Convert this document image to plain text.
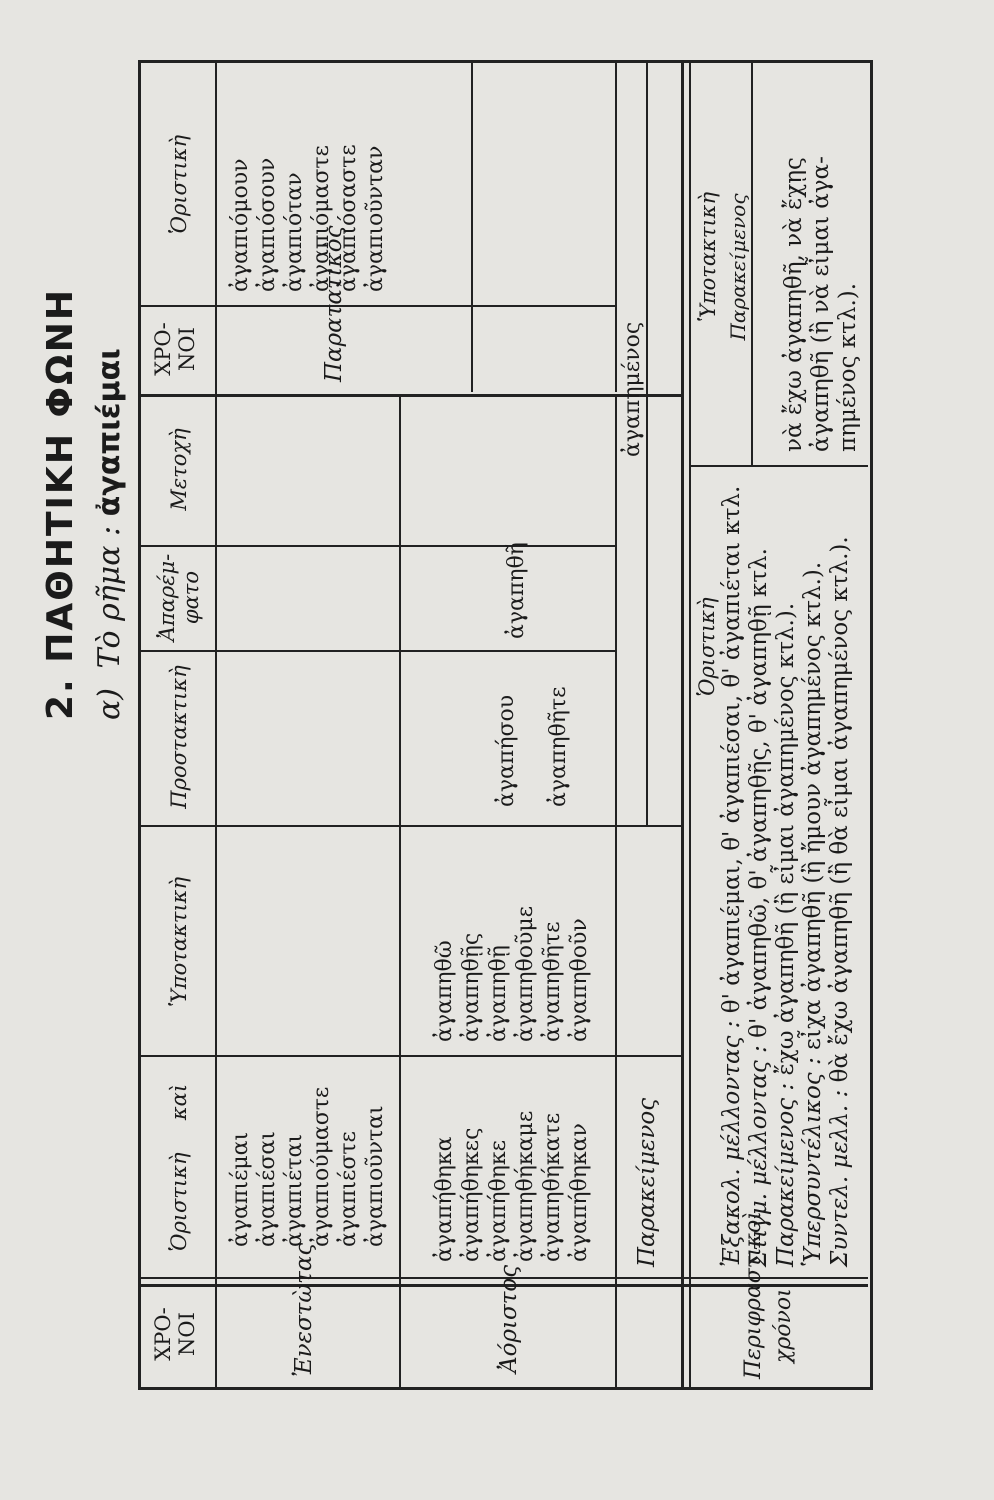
2. ΠΑΘΗΤΙΚΗ ΦΩΝΗ α) Τὸ ρῆμα : ἀγαπιέμαι
ΧΡΟ-
ΝΟΙ
Ὁριστικὴ
καὶ
Ὑποτακτικὴ
Προστακτικὴ
Ἀπαρέμ-
φατο
Μετοχὴ
ΧΡΟ-
ΝΟΙ
Ὁριστικὴ
Ἐνεστὼτας	Ἀόριστος
Παρακείμενος
Παρατατικὸς
ἀγαπιέμαι ἀγαπιέσαι ἀγαπιέται ἀγαπιούμαστε ἀγαπιέστε ἀγαπιοῦνται ἀγαπήθηκα ἀγαπήθηκες ἀγαπήθηκε ἀγαπηθήκαμε ἀγαπηθήκατε ἀγαπήθηκαν
ἀγαπηθῶ ἀγαπηθῇς ἀγαπηθῇ ἀγαπηθοῦμε ἀγαπηθῆτε ἀγαπηθοῦν
ἀγαπήσου	ἀγαπηθῆτε
ἀγαπηθῆ
ἀγαπιόμουν ἀγαπιόσουν ἀγαπιόταν ἀγαπιόμαστε ἀγαπιόσαστε ἀγαπιοῦνταν
ἀγαπημένος
Περιφραστικοὶ χρόνοι
Ὁριστικὴ
Ὑποτακτικὴ Παρακείμενος
Ἐξακολ. μέλλοντας : θ' ἀγαπιέμαι, θ' ἀγαπιέσαι, θ' ἀγαπιέται κτλ.
Στιγμ. μέλλοντας : θ' ἀγαπηθῶ, θ' ἀγαπηθῇς, θ' ἀγαπηθῇ κτλ.
Παρακείμενος : ἔχω ἀγαπηθῆ (ἢ εἶμαι ἀγαπημένος κτλ.).
Ὑπερσυντέλικος : εἶχα ἀγαπηθῆ (ἢ ἤμουν ἀγαπημένος κτλ.).
Συντελ. μελλ. : θὰ ἔχω ἀγαπηθῆ (ἢ θὰ εἶμαι ἀγαπημένος κτλ.).
νὰ ἔχω ἀγαπηθῆ, νὰ ἔχῃς ἀγαπηθῆ (ἢ νὰ εἶμαι ἀγα- πημένος κτλ.).
